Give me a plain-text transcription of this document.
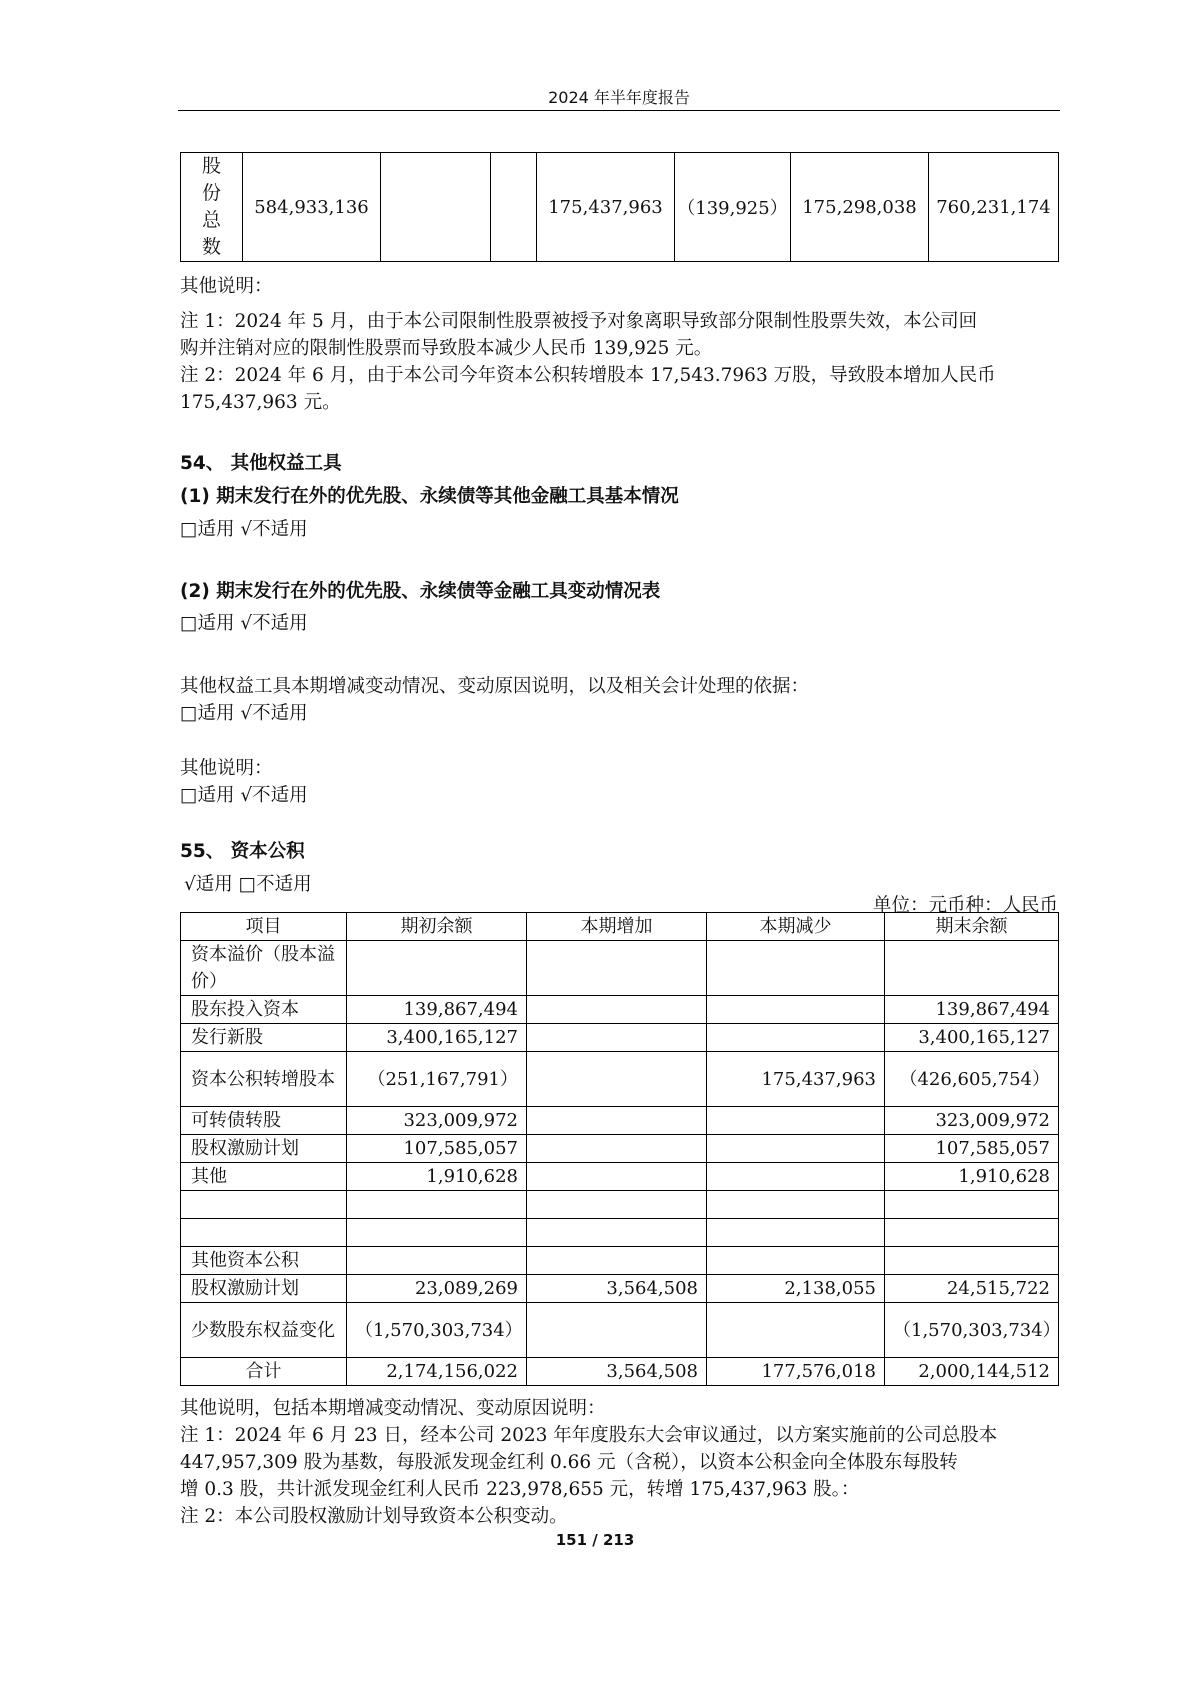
2024 年半年度报告
股
份
总
数	584,933,136			175,437,963	（139,925）	175,298,038	760,231,174
其他说明：
注 1：2024 年 5 月，由于本公司限制性股票被授予对象离职导致部分限制性股票失效，本公司回
购并注销对应的限制性股票而导致股本减少人民币 139,925 元。
注 2：2024 年 6 月，由于本公司今年资本公积转增股本 17,543.7963 万股，导致股本增加人民币
175,437,963 元。
54、 其他权益工具
(1) 期末发行在外的优先股、永续债等其他金融工具基本情况
□适用 √不适用
(2) 期末发行在外的优先股、永续债等金融工具变动情况表
□适用 √不适用
其他权益工具本期增减变动情况、变动原因说明，以及相关会计处理的依据：
□适用 √不适用
其他说明：
□适用 √不适用
55、 资本公积
√适用 □不适用
单位：元币种：人民币
项目	期初余额	本期增加	本期减少	期末余额
资本溢价（股本溢价）				
股东投入资本	139,867,494			139,867,494
发行新股	3,400,165,127			3,400,165,127
资本公积转增股本	（251,167,791）		175,437,963	（426,605,754）
可转债转股	323,009,972			323,009,972
股权激励计划	107,585,057			107,585,057
其他	1,910,628			1,910,628

其他资本公积				
股权激励计划	23,089,269	3,564,508	2,138,055	24,515,722
少数股东权益变化	（1,570,303,734）			（1,570,303,734）
合计	2,174,156,022	3,564,508	177,576,018	2,000,144,512
其他说明，包括本期增减变动情况、变动原因说明：
注 1：2024 年 6 月 23 日，经本公司 2023 年年度股东大会审议通过，以方案实施前的公司总股本
447,957,309 股为基数，每股派发现金红利 0.66 元（含税），以资本公积金向全体股东每股转
增 0.3 股，共计派发现金红利人民币 223,978,655 元，转增 175,437,963 股。：
注 2：本公司股权激励计划导致资本公积变动。
151 / 213
